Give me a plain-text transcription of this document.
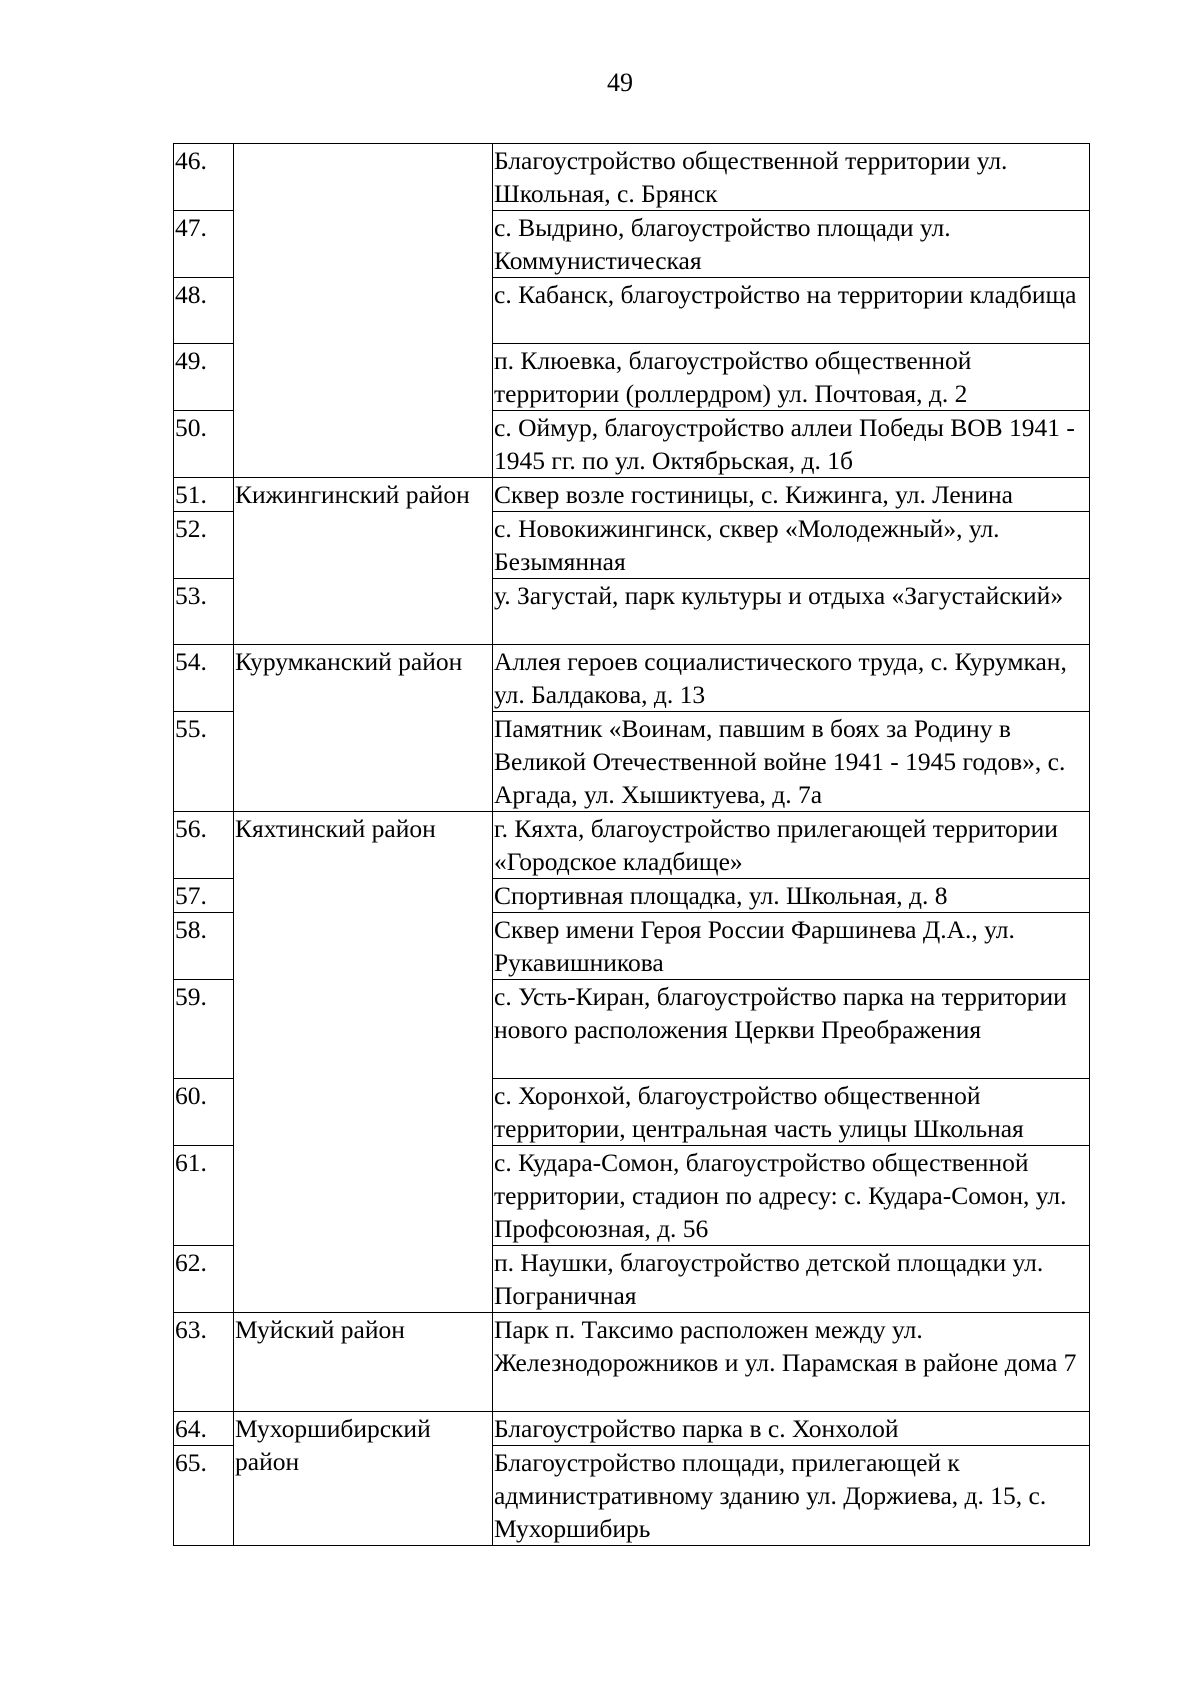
49
46.		Благоустройство общественной территории ул. Школьная, с. Брянск
47.		с. Выдрино, благоустройство площади ул. Коммунистическая
48.		с. Кабанск, благоустройство на территории кладбища
49.		п. Клюевка, благоустройство общественной территории (роллердром) ул. Почтовая, д. 2
50.		с. Оймур, благоустройство аллеи Победы ВОВ 1941 - 1945 гг. по ул. Октябрьская, д. 1б
51.	Кижингинский район	Сквер возле гостиницы, с. Кижинга, ул. Ленина
52.		с. Новокижингинск, сквер «Молодежный», ул. Безымянная
53.		у. Загустай, парк культуры и отдыха «Загустайский»
54.	Курумканский район	Аллея героев социалистического труда, с. Курумкан, ул. Балдакова, д. 13
55.		Памятник «Воинам, павшим в боях за Родину в Великой Отечественной войне 1941 - 1945 годов», с. Аргада, ул. Хышиктуева, д. 7а
56.	Кяхтинский район	г. Кяхта, благоустройство прилегающей территории «Городское кладбище»
57.		Спортивная площадка, ул. Школьная, д. 8
58.		Сквер имени Героя России Фаршинева Д.А., ул. Рукавишникова
59.		с. Усть-Киран, благоустройство парка на территории нового расположения Церкви Преображения
60.		с. Хоронхой, благоустройство общественной территории, центральная часть улицы Школьная
61.		с. Кудара-Сомон, благоустройство общественной территории, стадион по адресу: с. Кудара-Сомон, ул. Профсоюзная, д. 56
62.		п. Наушки, благоустройство детской площадки ул. Пограничная
63.	Муйский район	Парк п. Таксимо расположен между ул. Железнодорожников и ул. Парамская в районе дома 7
64.	Мухоршибирский район	Благоустройство парка в с. Хонхолой
65.		Благоустройство площади, прилегающей к административному зданию ул. Доржиева, д. 15, с. Мухоршибирь
